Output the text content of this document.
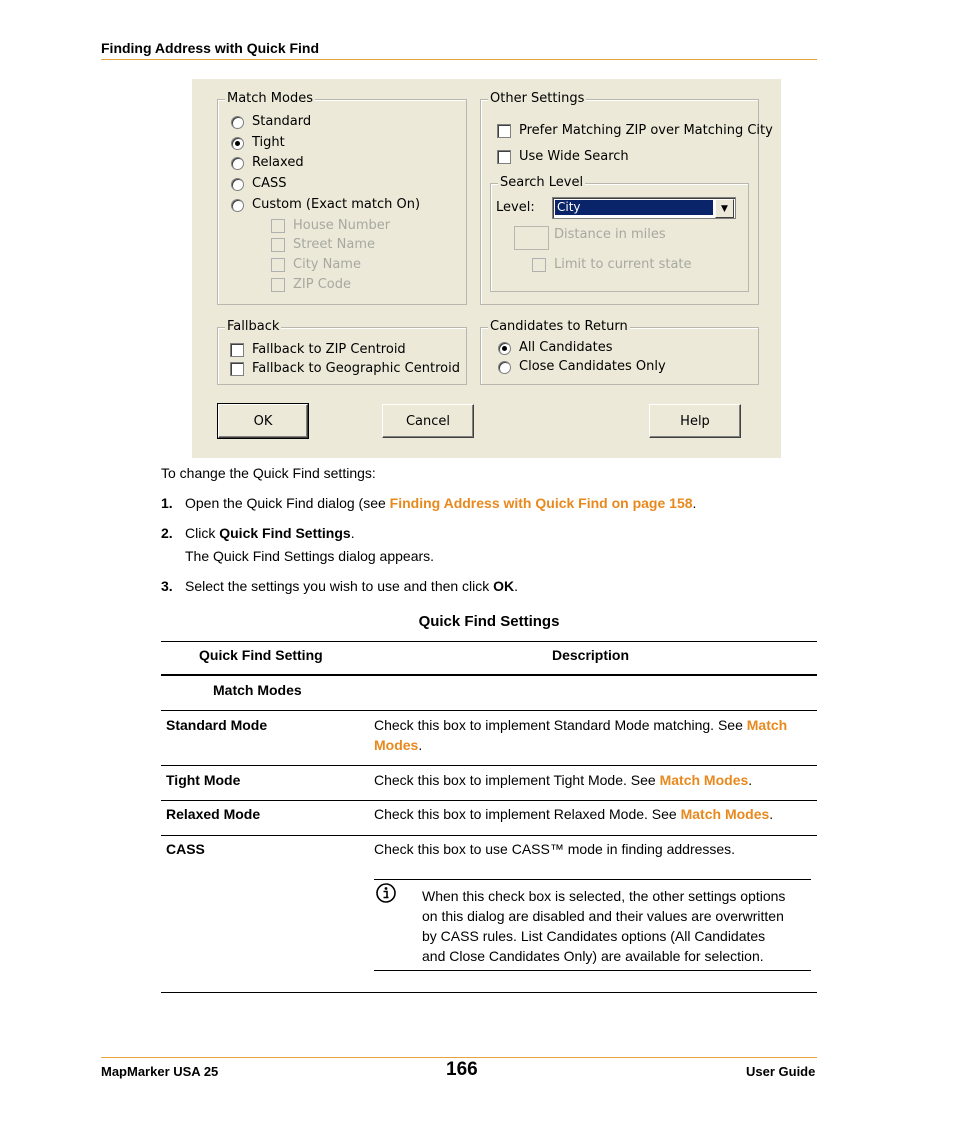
Finding Address with Quick Find
Match Modes
Standard
Tight
Relaxed
CASS
Custom (Exact match On)
House Number
Street Name
City Name
ZIP Code
Other Settings
Prefer Matching ZIP over Matching City
Use Wide Search
Search Level
Level: City	▼
Distance in miles
Limit to current state
Fallback
Fallback to ZIP Centroid
Fallback to Geographic Centroid
Candidates to Return
All Candidates
Close Candidates Only
OK	Cancel	Help
To change the Quick Find settings:
1. Open the Quick Find dialog (see Finding Address with Quick Find on page 158.
2. Click Quick Find Settings.
The Quick Find Settings dialog appears.
3. Select the settings you wish to use and then click OK.
Quick Find Settings
Quick Find Setting	Description
Match Modes
Standard Mode	Check this box to implement Standard Mode matching. See Match
Modes.
Tight Mode	Check this box to implement Tight Mode. See Match Modes.
Relaxed Mode	Check this box to implement Relaxed Mode. See Match Modes.
CASS	Check this box to use CASS™ mode in finding addresses.
When this check box is selected, the other settings options
on this dialog are disabled and their values are overwritten
by CASS rules. List Candidates options (All Candidates
and Close Candidates Only) are available for selection.
MapMarker USA 25	166	User Guide
